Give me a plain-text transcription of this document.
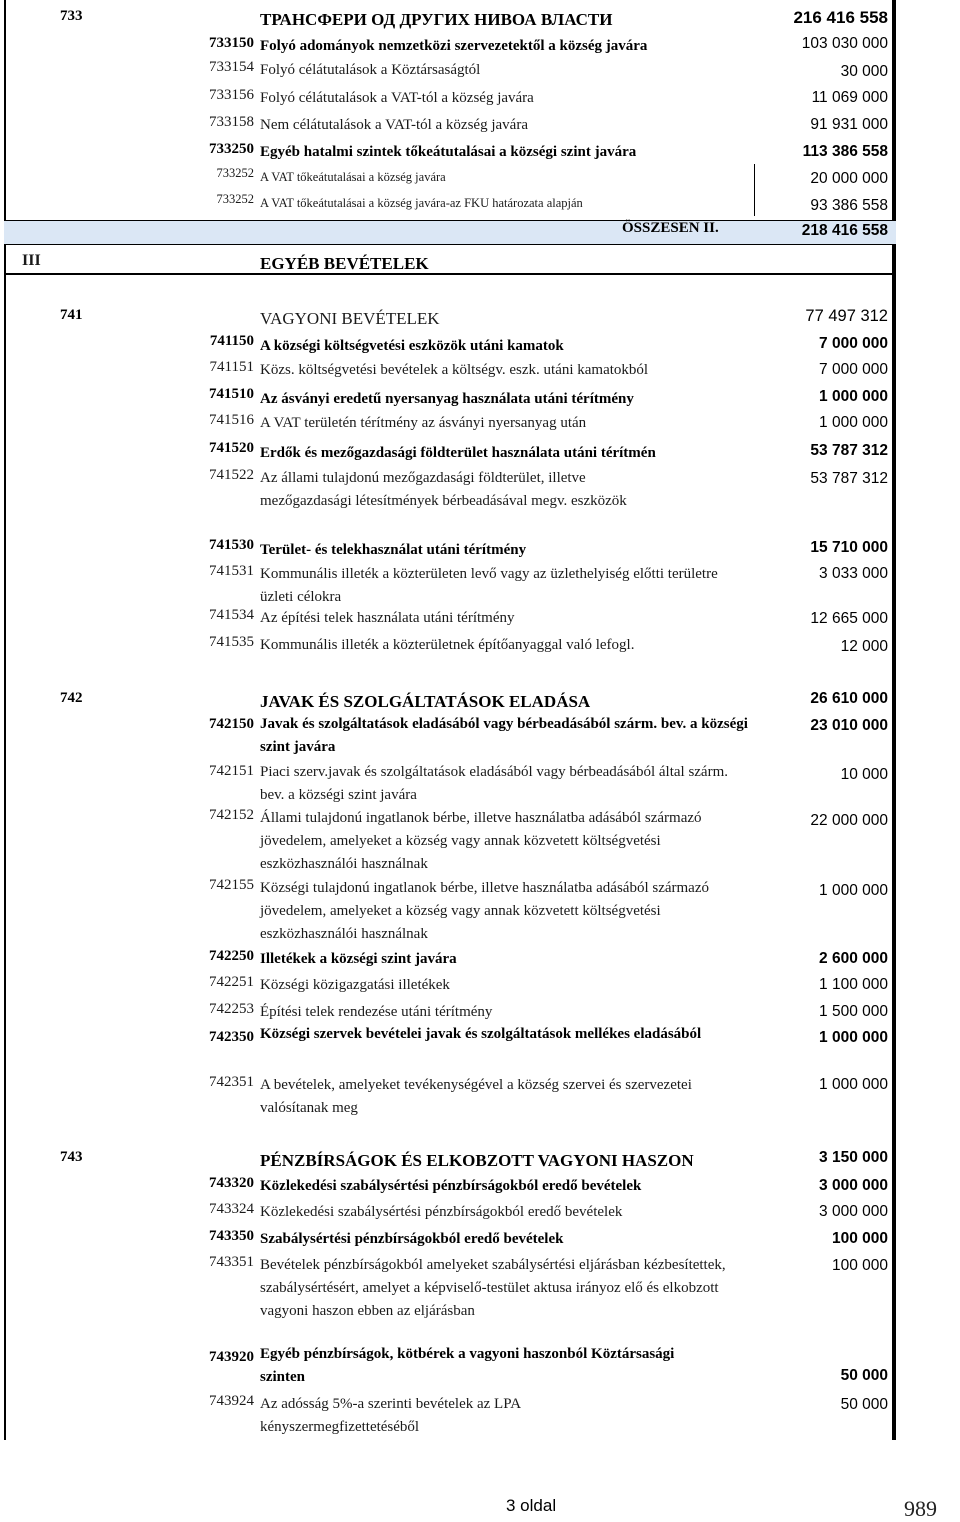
733	ТРАНСФЕРИ ОД ДРУГИХ НИВОА ВЛАСТИ	216 416 558
733150 Folyó adományok nemzetközi szervezetektől a község javára	103 030 000
733154 Folyó célátutalások a Köztársaságtól	30 000
733156 Folyó célátutalások a VAT-tól a község javára	11 069 000
733158 Nem célátutalások a VAT-tól a község javára	91 931 000
733250 Egyéb hatalmi szintek tőkeátutalásai a községi szint javára	113 386 558
733252 A VAT tőkeátutalásai a község javára	20 000 000
733252 A VAT tőkeátutalásai a község javára-az FKU határozata alapján	93 386 558
ÖSSZESEN II.	218 416 558
III	EGYÉB BEVÉTELEK
741	VAGYONI BEVÉTELEK	77 497 312
741150 A községi költségvetési eszközök utáni kamatok	7 000 000
741151 Közs. költségvetési bevételek a költségv. eszk. utáni kamatokból	7 000 000
741510 Az ásványi eredetű nyersanyag használata utáni térítmény	1 000 000
741516 A VAT területén térítmény az ásványi nyersanyag után	1 000 000
741520 Erdők és mezőgazdasági földterület használata utáni térítmén	53 787 312
741522 Az állami tulajdonú mezőgazdasági földterület, illetve mezőgazdasági létesítmények bérbeadásával megv. eszközök
53 787 312
741530 Terület- és telekhasználat utáni térítmény	15 710 000
741531 Kommunális illeték a közterületen levő vagy az üzlethelyiség előtti területre üzleti célokra
3 033 000
741534 Az építési telek használata utáni térítmény	12 665 000
741535 Kommunális illeték a közterületnek építőanyaggal való lefogl.	12 000
742	JAVAK ÉS SZOLGÁLTATÁSOK ELADÁSA	26 610 000
742150 Javak és szolgáltatások eladásából vagy bérbeadásából szárm. bev. a községi szint javára
23 010 000
742151 Piaci szerv.javak és szolgáltatások eladásából vagy bérbeadásából által szárm. bev. a községi szint javára
10 000
742152 Állami tulajdonú ingatlanok bérbe, illetve használatba adásából származó jövedelem, amelyeket a község vagy annak közvetett költségvetési eszközhasználói használnak
22 000 000
742155 Községi tulajdonú ingatlanok bérbe, illetve használatba adásából származó jövedelem, amelyeket a község vagy annak közvetett költségvetési eszközhasználói használnak
1 000 000
742250 Illetékek a községi szint javára	2 600 000
742251 Községi közigazgatási illetékek	1 100 000
742253 Építési telek rendezése utáni térítmény	1 500 000
742350 Községi szervek bevételei javak és szolgáltatások mellékes eladásából	1 000 000
742351 A bevételek, amelyeket tevékenységével a község szervei és szervezetei valósítanak meg
1 000 000
743	PÉNZBÍRSÁGOK ÉS ELKOBZOTT VAGYONI HASZON	3 150 000
743320 Közlekedési szabálysértési pénzbírságokból eredő bevételek	3 000 000
743324 Közlekedési szabálysértési pénzbírságokból eredő bevételek	3 000 000
743350 Szabálysértési pénzbírságokból eredő bevételek	100 000
743351 Bevételek pénzbírságokból amelyeket szabálysértési eljárásban kézbesítettek, szabálysértésért, amelyet a képviselő-testület aktusa irányoz elő és elkobzott vagyoni haszon ebben az eljárásban
100 000
743920 Egyéb pénzbírságok, kötbérek a vagyoni haszonból Köztársasági szinten	50 000
743924 Az adósság 5%-a szerinti bevételek az LPA kényszermegfizettetéséből
50 000
3 oldal	989
